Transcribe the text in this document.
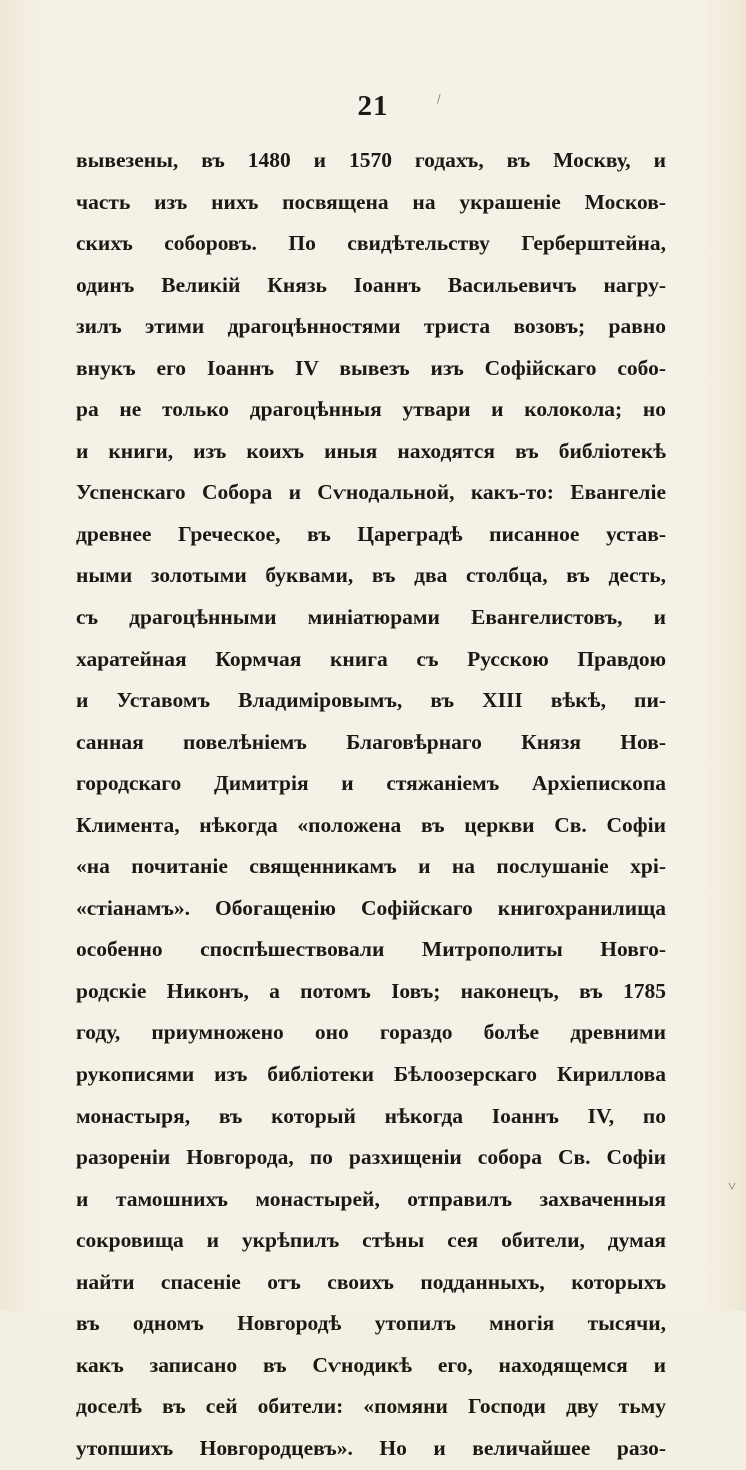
21	\
˅
вывезены, въ 1480 и 1570 годахъ, въ Москву, и
часть изъ нихъ посвящена на украшеніе Москов-
скихъ соборовъ. По свидѣтельству Герберштейна,
одинъ Великій Князь Іоаннъ Васильевичъ нагру-
зилъ этими драгоцѣнностями триста возовъ; равно
внукъ его Іоаннъ IV вывезъ изъ Софійскаго собо-
ра не только драгоцѣнныя утвари и колокола; но
и книги, изъ коихъ иныя находятся въ библіотекѣ
Успенскаго Собора и Сѵнодальной, какъ-то: Евангеліе
древнее Греческое, въ Цареградѣ писанное устав-
ными золотыми буквами, въ два столбца, въ десть,
съ драгоцѣнными миніатюрами Евангелистовъ, и
харатейная Кормчая книга съ Русскою Правдою
и Уставомъ Владиміровымъ, въ XIII вѣкѣ, пи-
санная повелѣніемъ Благовѣрнаго Князя Нов-
городскаго Димитрія и стяжаніемъ Архіепископа
Климента, нѣкогда «положена въ церкви Св. Софіи
«на почитаніе священникамъ и на послушаніе хрі-
«стіанамъ». Обогащенію Софійскаго книгохранилища
особенно споспѣшествовали Митрополиты Новго-
родскіе Никонъ, а потомъ Іовъ; наконецъ, въ 1785
году, приумножено оно гораздо болѣе древними
рукописями изъ библіотеки Бѣлоозерскаго Кириллова
монастыря, въ который нѣкогда Іоаннъ IV, по
разореніи Новгорода, по разхищеніи собора Св. Софіи
и тамошнихъ монастырей, отправилъ захваченныя
сокровища и укрѣпилъ стѣны сея обители, думая
найти спасеніе отъ своихъ подданныхъ, которыхъ
въ одномъ Новгородѣ утопилъ многія тысячи,
какъ записано въ Сѵнодикѣ его, находящемся и
доселѣ въ сей обители: «помяни Господи дву тьму
утопшихъ Новгородцевъ». Но и величайшее разо-
